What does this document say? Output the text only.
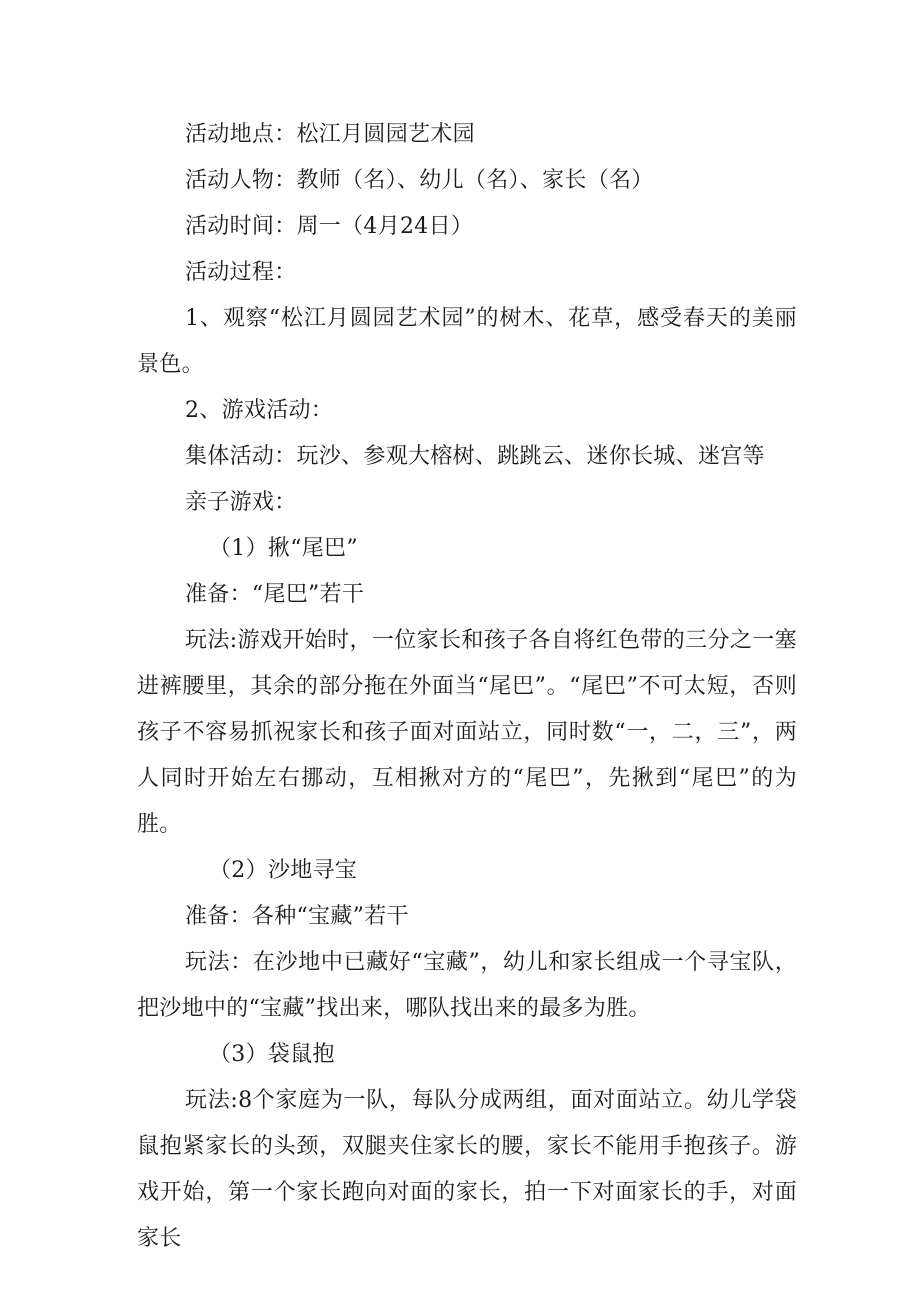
活动地点：松江月圆园艺术园
活动人物：教师（名）、幼儿（名）、家长（名）
活动时间：周一（4月24日）
活动过程：

1、观察“松江月圆园艺术园”的树木、花草，感受春天的美丽景色。

2、游戏活动：
集体活动：玩沙、参观大榕树、跳跳云、迷你长城、迷宫等
亲子游戏：
（1）揪“尾巴”
准备：“尾巴”若干

玩法:游戏开始时，一位家长和孩子各自将红色带的三分之一塞进裤腰里，其余的部分拖在外面当“尾巴”。“尾巴”不可太短，否则孩子不容易抓祝家长和孩子面对面站立，同时数“一，二，三”，两人同时开始左右挪动，互相揪对方的“尾巴”，先揪到“尾巴”的为胜。

（2）沙地寻宝
准备：各种“宝藏”若干

玩法：在沙地中已藏好“宝藏”，幼儿和家长组成一个寻宝队，把沙地中的“宝藏”找出来，哪队找出来的最多为胜。

（3）袋鼠抱

玩法:8个家庭为一队，每队分成两组，面对面站立。幼儿学袋鼠抱紧家长的头颈，双腿夹住家长的腰，家长不能用手抱孩子。游戏开始，第一个家长跑向对面的家长，拍一下对面家长的手，对面家长
